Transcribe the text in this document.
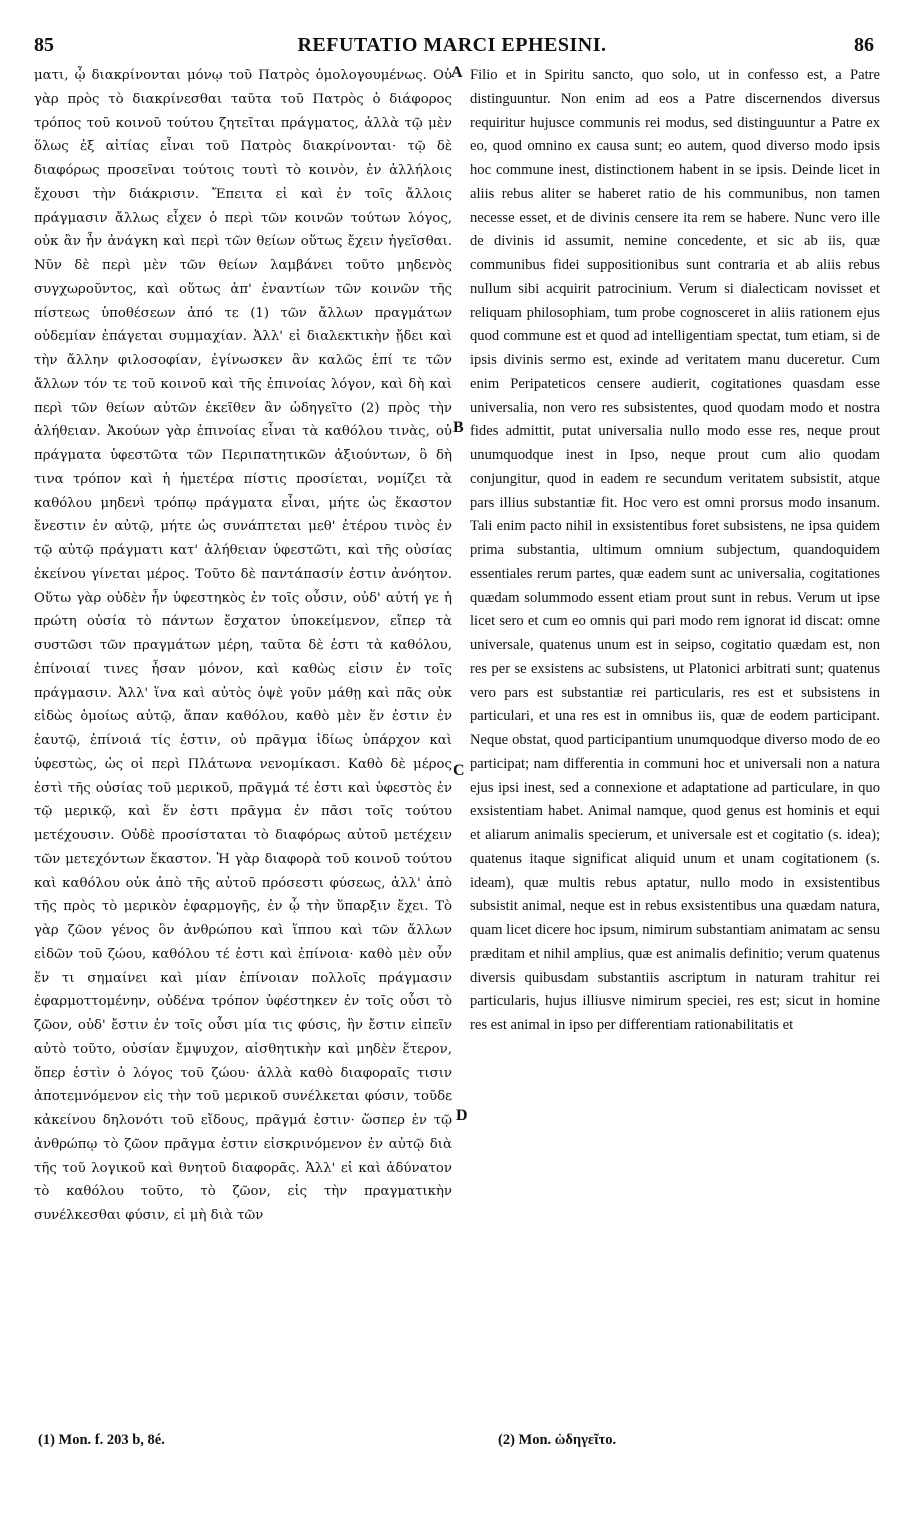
85	REFUTATIO MARCI EPHESINI.	86

ματι, ᾧ διακρίνονται μόνῳ τοῦ Πατρὸς ὁμολογουμένως. Οὐ γὰρ πρὸς τὸ διακρίνεσθαι ταῦτα τοῦ Πατρὸς ὁ διάφορος τρόπος τοῦ κοινοῦ τούτου ζητεῖται πράγματος, ἀλλὰ τῷ μὲν ὅλως ἐξ αἰτίας εἶναι τοῦ Πατρὸς διακρίνονται· τῷ δὲ διαφόρως προσεῖναι τούτοις τουτὶ τὸ κοινὸν, ἐν ἀλλήλοις ἔχουσι τὴν διάκρισιν. Ἔπειτα εἰ καὶ ἐν τοῖς ἄλλοις πράγμασιν ἄλλως εἶχεν ὁ περὶ τῶν κοινῶν τούτων λόγος, οὐκ ἂν ἦν ἀνάγκη καὶ περὶ τῶν θείων οὕτως ἔχειν ἡγεῖσθαι. Νῦν δὲ περὶ μὲν τῶν θείων λαμβάνει τοῦτο μηδενὸς συγχωροῦντος, καὶ οὕτως ἀπ' ἐναντίων τῶν κοινῶν τῆς πίστεως ὑποθέσεων ἀπό τε (1) τῶν ἄλλων πραγμάτων οὐδεμίαν ἐπάγεται συμμαχίαν. Ἀλλ' εἰ διαλεκτικὴν ᾔδει καὶ τὴν ἄλλην φιλοσοφίαν, ἐγίνωσκεν ἂν καλῶς ἐπί τε τῶν ἄλλων τόν τε τοῦ κοινοῦ καὶ τῆς ἐπινοίας λόγον, καὶ δὴ καὶ περὶ τῶν θείων αὐτῶν ἐκεῖθεν ἂν ὡδηγεῖτο (2) πρὸς τὴν ἀλήθειαν. Ἀκούων γὰρ ἐπινοίας εἶναι τὰ καθόλου τινὰς, οὐ πράγματα ὑφεστῶτα τῶν Περιπατητικῶν ἀξιούντων, ὃ δὴ τινα τρόπον καὶ ἡ ἡμετέρα πίστις προσίεται, νομίζει τὰ καθόλου μηδενὶ τρόπῳ πράγματα εἶναι, μήτε ὡς ἕκαστον ἔνεστιν ἐν αὐτῷ, μήτε ὡς συνάπτεται μεθ' ἑτέρου τινὸς ἐν τῷ αὐτῷ πράγματι κατ' ἀλήθειαν ὑφεστῶτι, καὶ τῆς οὐσίας ἐκείνου γίνεται μέρος. Τοῦτο δὲ παντάπασίν ἐστιν ἀνόητον. Οὕτω γὰρ οὐδὲν ἦν ὑφεστηκὸς ἐν τοῖς οὖσιν, οὐδ' αὐτή γε ἡ πρώτη οὐσία τὸ πάντων ἔσχατον ὑποκείμενον, εἴπερ τὰ συστῶσι τῶν πραγμάτων μέρη, ταῦτα δὲ ἐστι τὰ καθόλου, ἐπίνοιαί τινες ἦσαν μόνον, καὶ καθὼς εἰσιν ἐν τοῖς πράγμασιν. Ἀλλ' ἵνα καὶ αὐτὸς ὀψὲ γοῦν μάθῃ καὶ πᾶς οὐκ εἰδὼς ὁμοίως αὐτῷ, ἅπαν καθόλου, καθὸ μὲν ἕν ἐστιν ἐν ἑαυτῷ, ἐπίνοιά τίς ἐστιν, οὐ πρᾶγμα ἰδίως ὑπάρχον καὶ ὑφεστὼς, ὡς οἱ περὶ Πλάτωνα νενομίκασι. Καθὸ δὲ μέρος ἐστὶ τῆς οὐσίας τοῦ μερικοῦ, πρᾶγμά τέ ἐστι καὶ ὑφεστὸς ἐν τῷ μερικῷ, καὶ ἕν ἐστι πρᾶγμα ἐν πᾶσι τοῖς τούτου μετέχουσιν. Οὐδὲ προσίσταται τὸ διαφόρως αὐτοῦ μετέχειν τῶν μετεχόντων ἕκαστον. Ἡ γὰρ διαφορὰ τοῦ κοινοῦ τούτου καὶ καθόλου οὐκ ἀπὸ τῆς αὐτοῦ πρόσεστι φύσεως, ἀλλ' ἀπὸ τῆς πρὸς τὸ μερικὸν ἐφαρμογῆς, ἐν ᾧ τὴν ὕπαρξιν ἔχει. Τὸ γὰρ ζῶον γένος ὂν ἀνθρώπου καὶ ἵππου καὶ τῶν ἄλλων εἰδῶν τοῦ ζώου, καθόλου τέ ἐστι καὶ ἐπίνοια· καθὸ μὲν οὖν ἕν τι σημαίνει καὶ μίαν ἐπίνοιαν πολλοῖς πράγμασιν ἐφαρμοττομένην, οὐδένα τρόπον ὑφέστηκεν ἐν τοῖς οὖσι τὸ ζῶον, οὐδ' ἔστιν ἐν τοῖς οὖσι μία τις φύσις, ἣν ἔστιν εἰπεῖν αὐτὸ τοῦτο, οὐσίαν ἔμψυχον, αἰσθητικὴν καὶ μηδὲν ἕτερον, ὅπερ ἐστὶν ὁ λόγος τοῦ ζώου· ἀλλὰ καθὸ διαφοραῖς τισιν ἀποτεμνόμενον εἰς τὴν τοῦ μερικοῦ συνέλκεται φύσιν, τοῦδε κἀκείνου δηλονότι τοῦ εἴδους, πρᾶγμά ἐστιν· ὥσπερ ἐν τῷ ἀνθρώπῳ τὸ ζῶον πρᾶγμα ἐστιν εἰσκρινόμενον ἐν αὐτῷ διὰ τῆς τοῦ λογικοῦ καὶ θνητοῦ διαφορᾶς. Ἀλλ' εἰ καὶ ἀδύνατον τὸ καθόλου τοῦτο, τὸ ζῶον, εἰς τὴν πραγματικὴν συνέλκεσθαι φύσιν, εἰ μὴ διὰ τῶν

A
B
C
D

Filio et in Spiritu sancto, quo solo, ut in confesso est, a Patre distinguuntur. Non enim ad eos a Patre discernendos diversus requiritur hujusce communis rei modus, sed distinguuntur a Patre ex eo, quod omnino ex causa sunt; eo autem, quod diverso modo ipsis hoc commune inest, distinctionem habent in se ipsis. Deinde licet in aliis rebus aliter se haberet ratio de his communibus, non tamen necesse esset, et de divinis censere ita rem se habere. Nunc vero ille de divinis id assumit, nemine concedente, et sic ab iis, quæ communibus fidei suppositionibus sunt contraria et ab aliis rebus nullum sibi acquirit patrocinium. Verum si dialecticam novisset et reliquam philosophiam, tum probe cognosceret in aliis rationem ejus quod commune est et quod ad intelligentiam spectat, tum etiam, si de ipsis divinis sermo est, exinde ad veritatem manu duceretur. Cum enim Peripateticos censere audierit, cogitationes quasdam esse universalia, non vero res subsistentes, quod quodam modo et nostra fides admittit, putat universalia nullo modo esse res, neque prout unumquodque inest in Ipso, neque prout cum alio quodam conjungitur, quod in eadem re secundum veritatem subsistit, atque pars illius substantiæ fit. Hoc vero est omni prorsus modo insanum. Tali enim pacto nihil in exsistentibus foret subsistens, ne ipsa quidem prima substantia, ultimum omnium subjectum, quandoquidem essentiales rerum partes, quæ eadem sunt ac universalia, cogitationes quædam solummodo essent etiam prout sunt in rebus. Verum ut ipse licet sero et cum eo omnis qui pari modo rem ignorat id discat: omne universale, quatenus unum est in seipso, cogitatio quædam est, non res per se exsistens ac subsistens, ut Platonici arbitrati sunt; quatenus vero pars est substantiæ rei particularis, res est et subsistens in particulari, et una res est in omnibus iis, quæ de eodem participant. Neque obstat, quod participantium unumquodque diverso modo de eo participat; nam differentia in communi hoc et universali non a natura ejus ipsi inest, sed a connexione et adaptatione ad particulare, in quo exsistentiam habet. Animal namque, quod genus est hominis et equi et aliarum animalis specierum, et universale est et cogitatio (s. idea); quatenus itaque significat aliquid unum et unam cogitationem (s. ideam), quæ multis rebus aptatur, nullo modo in exsistentibus subsistit animal, neque est in rebus exsistentibus una quædam natura, quam licet dicere hoc ipsum, nimirum substantiam animatam ac sensu præditam et nihil amplius, quæ est animalis definitio; verum quatenus diversis quibusdam substantiis ascriptum in naturam trahitur rei particularis, hujus illiusve nimirum speciei, res est; sicut in homine res est animal in ipso per differentiam rationabilitatis et

(1) Mon. f. 203 b, 8é.	(2) Mon. ὡδηγεῖτο.
